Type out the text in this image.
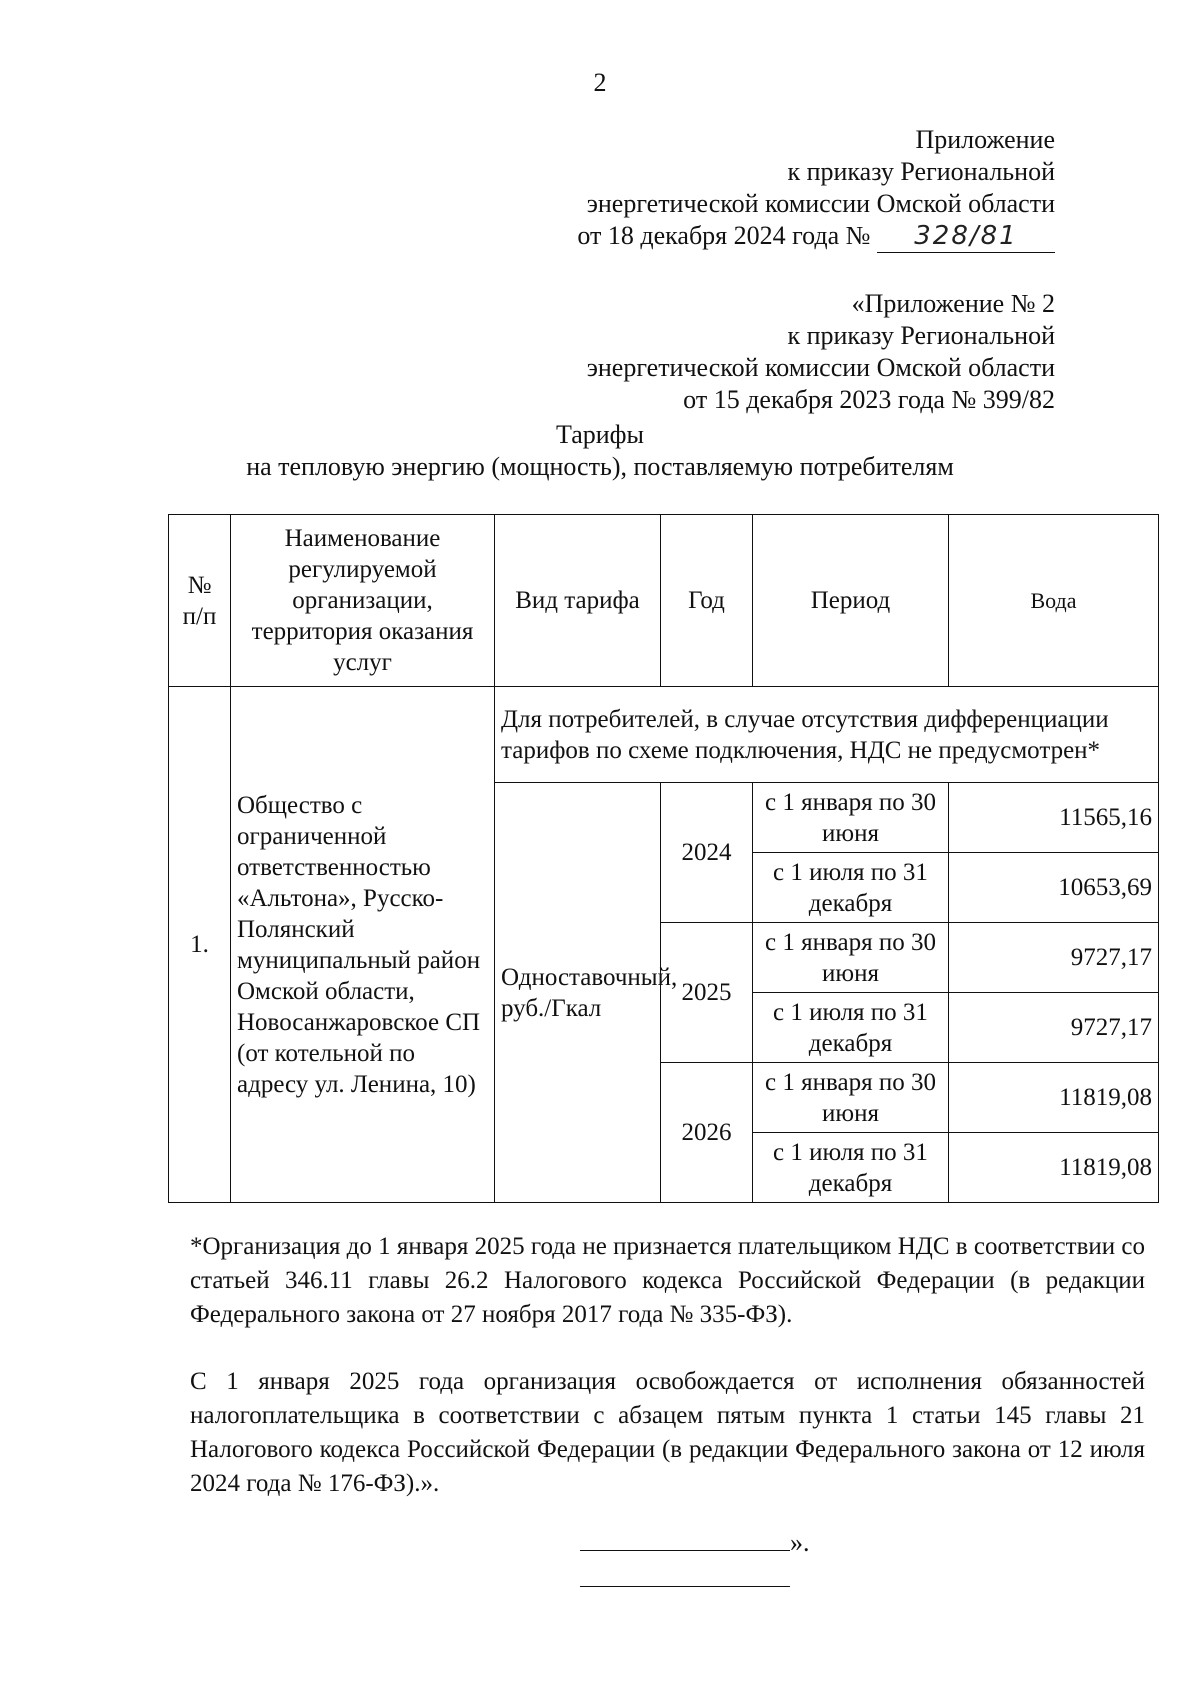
2
Приложение
к приказу Региональной
энергетической комиссии Омской области
от 18 декабря 2024 года № 328/81
«Приложение № 2
к приказу Региональной
энергетической комиссии Омской области
от 15 декабря 2023 года № 399/82
Тарифы
на тепловую энергию (мощность), поставляемую потребителям
№ п/п	Наименование регулируемой организации, территория оказания услуг	Вид тарифа	Год	Период	Вода
1.	Общество с ограниченной ответственностью «Альтона», Русско-Полянский муниципальный район Омской области, Новосанжаровское СП (от котельной по адресу ул. Ленина, 10)	Для потребителей, в случае отсутствия дифференциации тарифов по схеме подключения, НДС не предусмотрен*			
		Одноставочный, руб./Гкал	2024	с 1 января по 30 июня	11565,16
				с 1 июля по 31 декабря	10653,69
			2025	с 1 января по 30 июня	9727,17
				с 1 июля по 31 декабря	9727,17
			2026	с 1 января по 30 июня	11819,08
				с 1 июля по 31 декабря	11819,08
*Организация до 1 января 2025 года не признается плательщиком НДС в соответствии со статьей 346.11 главы 26.2 Налогового кодекса Российской Федерации (в редакции Федерального закона от 27 ноября 2017 года № 335-ФЗ).
С 1 января 2025 года организация освобождается от исполнения обязанностей налогоплательщика в соответствии с абзацем пятым пункта 1 статьи 145 главы 21 Налогового кодекса Российской Федерации (в редакции Федерального закона от 12 июля 2024 года № 176-ФЗ).».
».
